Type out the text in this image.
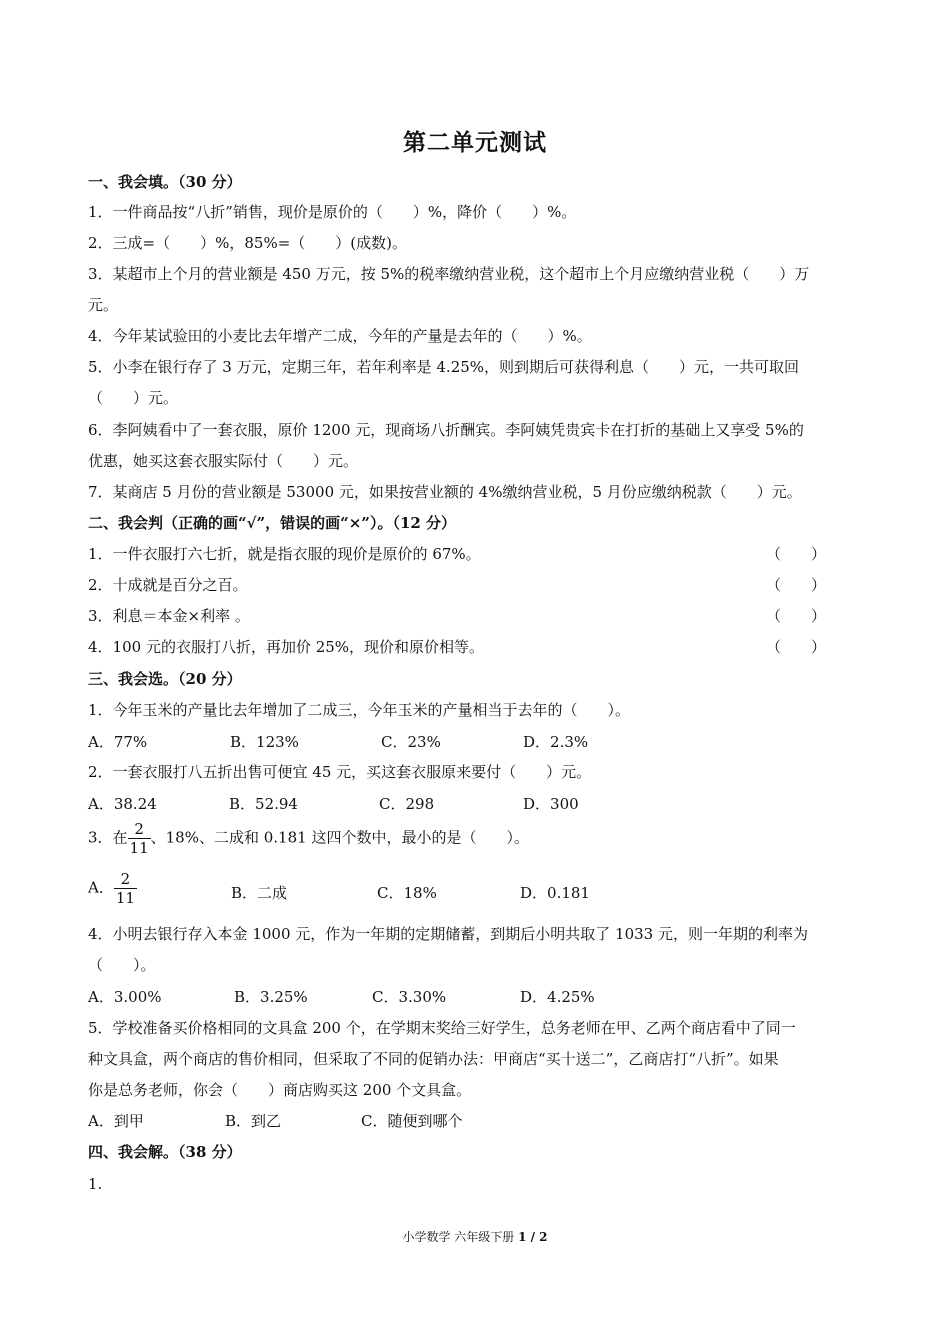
第二单元测试
一、我会填。（30 分）
1．一件商品按“八折”销售，现价是原价的（　　）%，降价（　　）%。
2．三成=（　　）%，85%=（　　）(成数)。
3．某超市上个月的营业额是 450 万元，按 5%的税率缴纳营业税，这个超市上个月应缴纳营业税（　　）万
元。
4．今年某试验田的小麦比去年增产二成，今年的产量是去年的（　　）%。
5．小李在银行存了 3 万元，定期三年，若年利率是 4.25%，则到期后可获得利息（　　）元，一共可取回
（　　）元。
6．李阿姨看中了一套衣服，原价 1200 元，现商场八折酬宾。李阿姨凭贵宾卡在打折的基础上又享受 5%的
优惠，她买这套衣服实际付（　　）元。
7．某商店 5 月份的营业额是 53000 元，如果按营业额的 4%缴纳营业税，5 月份应缴纳税款（　　）元。
二、我会判（正确的画“√”，错误的画“×”）。（12 分）
1．一件衣服打六七折，就是指衣服的现价是原价的 67%。	（　　）
2．十成就是百分之百。	（　　）
3．利息＝本金×利率 。	（　　）
4．100 元的衣服打八折，再加价 25%，现价和原价相等。	（　　）
三、我会选。（20 分）
1．今年玉米的产量比去年增加了二成三，今年玉米的产量相当于去年的（　　）。
A．77%	B．123%	C．23%	D．2.3%
2．一套衣服打八五折出售可便宜 45 元，买这套衣服原来要付（　　）元。
A．38.24	B．52.94	C．298	D．300
3．在 $\frac{2}{11}$ 、18%、二成和 0.181 这四个数中，最小的是（　　）。
A． $\frac{2}{11}$	B．二成	C．18%	D．0.181
4．小明去银行存入本金 1000 元，作为一年期的定期储蓄，到期后小明共取了 1033 元，则一年期的利率为
（　　）。
A．3.00%	B．3.25%	C．3.30%	D．4.25%
5．学校准备买价格相同的文具盒 200 个，在学期末奖给三好学生，总务老师在甲、乙两个商店看中了同一
种文具盒，两个商店的售价相同，但采取了不同的促销办法：甲商店“买十送二”，乙商店打“八折”。如果
你是总务老师，你会（　　）商店购买这 200 个文具盒。
A．到甲	B．到乙	C．随便到哪个
四、我会解。（38 分）
1.
小学数学 六年级下册 1 / 2
